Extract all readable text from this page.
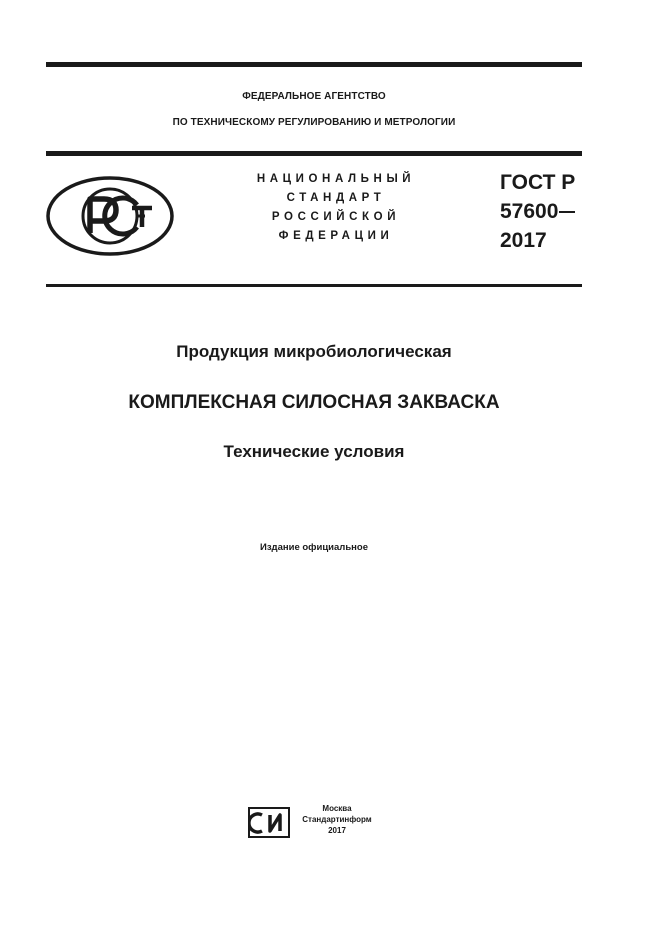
ФЕДЕРАЛЬНОЕ АГЕНТСТВО
ПО ТЕХНИЧЕСКОМУ РЕГУЛИРОВАНИЮ И МЕТРОЛОГИИ
НАЦИОНАЛЬНЫЙ
СТАНДАРТ
РОССИЙСКОЙ
ФЕДЕРАЦИИ
ГОСТ Р
57600
2017
Продукция микробиологическая
КОМПЛЕКСНАЯ СИЛОСНАЯ ЗАКВАСКА
Технические условия
Издание официальное
Москва
Стандартинформ
2017
